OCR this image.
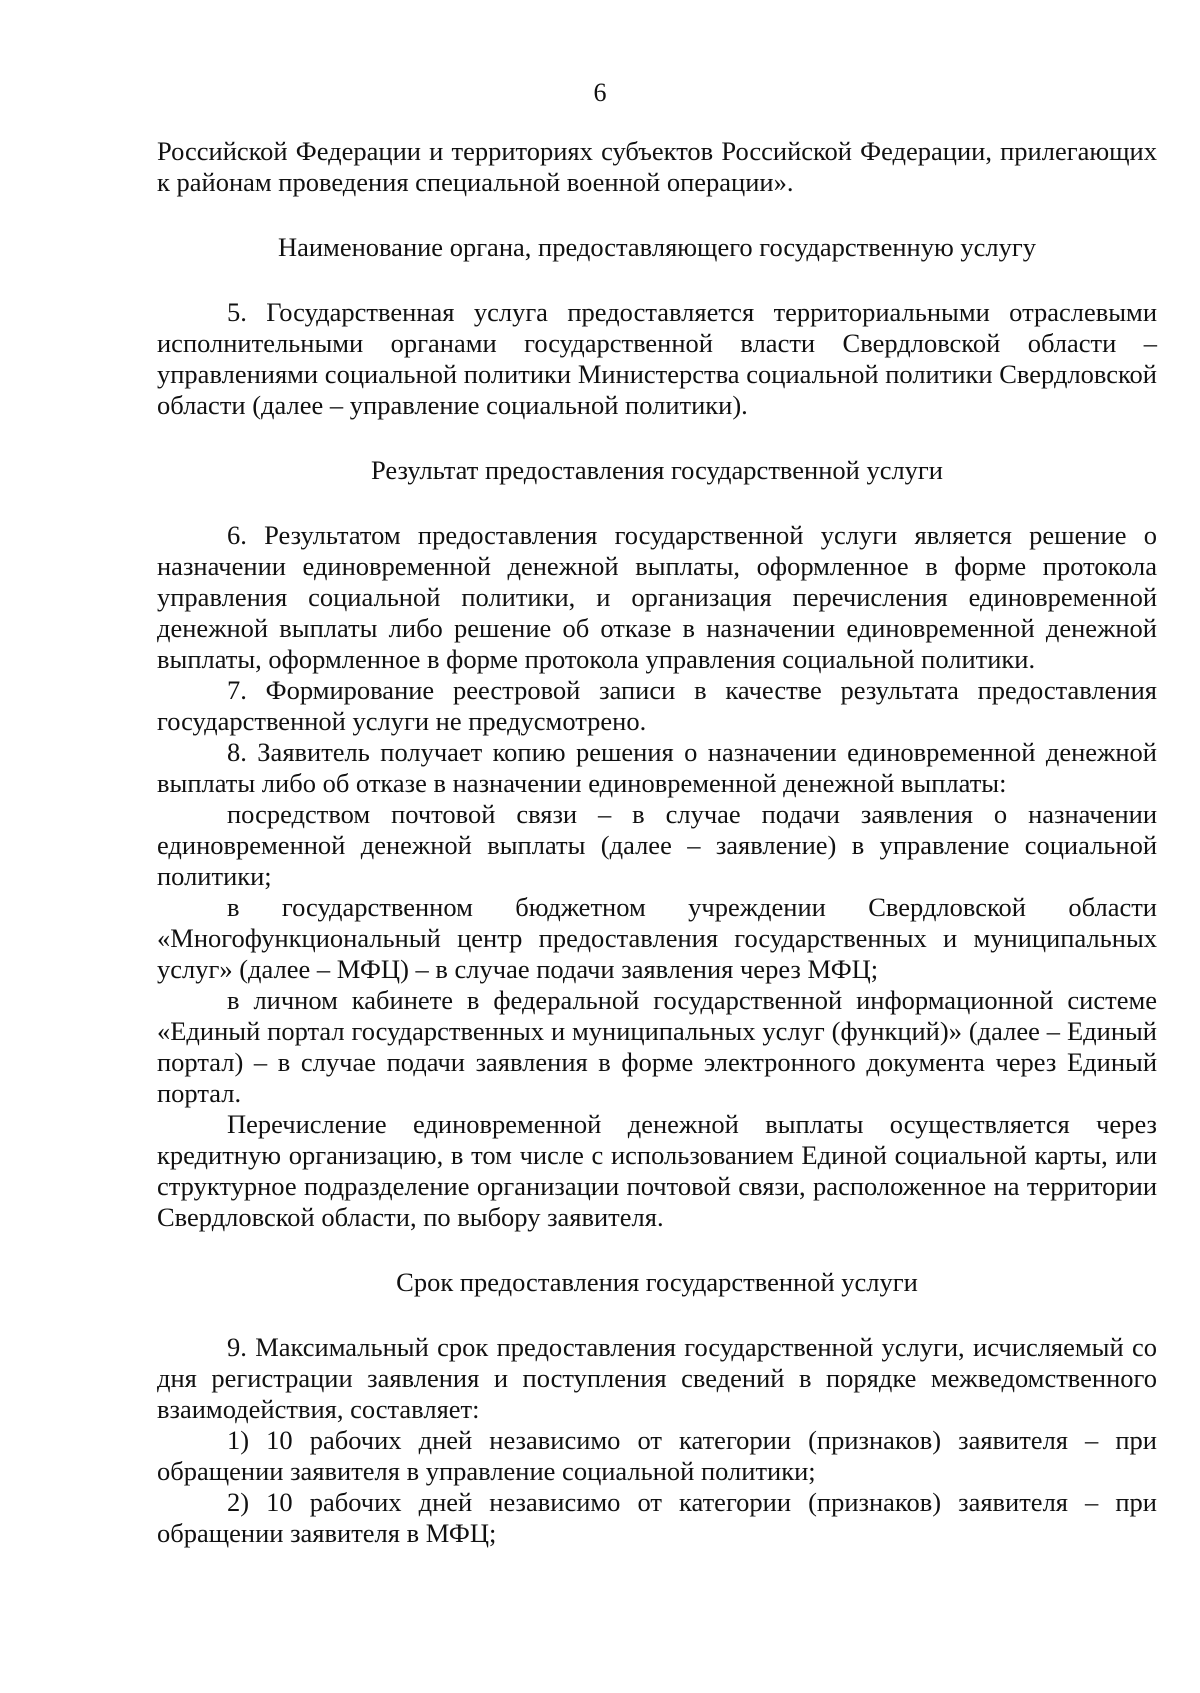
6

Российской Федерации и территориях субъектов Российской Федерации, прилегающих к районам проведения специальной военной операции».

Наименование органа, предоставляющего государственную услугу

5. Государственная услуга предоставляется территориальными отраслевыми исполнительными органами государственной власти Свердловской области – управлениями социальной политики Министерства социальной политики Свердловской области (далее – управление социальной политики).

Результат предоставления государственной услуги

6. Результатом предоставления государственной услуги является решение о назначении единовременной денежной выплаты, оформленное в форме протокола управления социальной политики, и организация перечисления единовременной денежной выплаты либо решение об отказе в назначении единовременной денежной выплаты, оформленное в форме протокола управления социальной политики.

7. Формирование реестровой записи в качестве результата предоставления государственной услуги не предусмотрено.

8. Заявитель получает копию решения о назначении единовременной денежной выплаты либо об отказе в назначении единовременной денежной выплаты:

посредством почтовой связи – в случае подачи заявления о назначении единовременной денежной выплаты (далее – заявление) в управление социальной политики;

в государственном бюджетном учреждении Свердловской области «Многофункциональный центр предоставления государственных и муниципальных услуг» (далее – МФЦ) – в случае подачи заявления через МФЦ;

в личном кабинете в федеральной государственной информационной системе «Единый портал государственных и муниципальных услуг (функций)» (далее – Единый портал) – в случае подачи заявления в форме электронного документа через Единый портал.

Перечисление единовременной денежной выплаты осуществляется через кредитную организацию, в том числе с использованием Единой социальной карты, или структурное подразделение организации почтовой связи, расположенное на территории Свердловской области, по выбору заявителя.

Срок предоставления государственной услуги

9. Максимальный срок предоставления государственной услуги, исчисляемый со дня регистрации заявления и поступления сведений в порядке межведомственного взаимодействия, составляет:

1) 10 рабочих дней независимо от категории (признаков) заявителя – при обращении заявителя в управление социальной политики;

2) 10 рабочих дней независимо от категории (признаков) заявителя – при обращении заявителя в МФЦ;
